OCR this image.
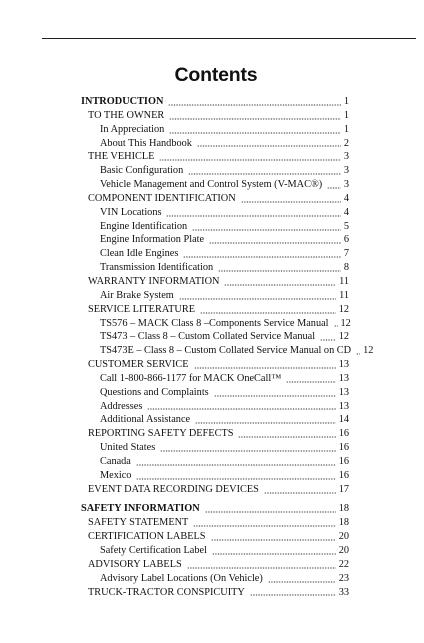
Contents
INTRODUCTION	1
TO THE OWNER	1
In Appreciation	1
About This Handbook	2
THE VEHICLE	3
Basic Configuration	3
Vehicle Management and Control System (V-MAC®) 3
COMPONENT IDENTIFICATION	4
VIN Locations	4
Engine Identification	5
Engine Information Plate	6
Clean Idle Engines	7
Transmission Identification	8
WARRANTY INFORMATION	11
Air Brake System	11
SERVICE LITERATURE	12
TS576 – MACK Class 8 –Components Service Manual 12
TS473 – Class 8 – Custom Collated Service Manual 12
TS473E – Class 8 – Custom Collated Service Manual on CD 12
CUSTOMER SERVICE	13
Call 1-800-866-1177 for MACK OneCall™	13
Questions and Complaints	13
Addresses	13
Additional Assistance	14
REPORTING SAFETY DEFECTS	16
United States	16
Canada	16
Mexico	16
EVENT DATA RECORDING DEVICES	17
SAFETY INFORMATION	18
SAFETY STATEMENT	18
CERTIFICATION LABELS	20
Safety Certification Label	20
ADVISORY LABELS	22
Advisory Label Locations (On Vehicle)	23
TRUCK-TRACTOR CONSPICUITY	33
